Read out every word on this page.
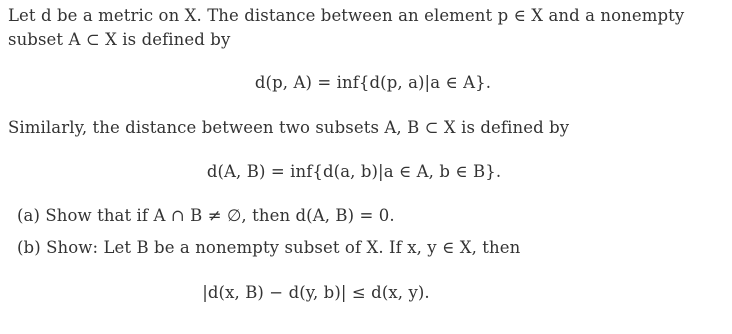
Let d be a metric on X. The distance between an element p ∈ X and a nonempty
subset A ⊂ X is defined by
d(p, A) = inf{d(p, a)|a ∈ A}.
Similarly, the distance between two subsets A, B ⊂ X is defined by
d(A, B) = inf{d(a, b)|a ∈ A, b ∈ B}.
(a) Show that if A ∩ B ≠ ∅, then d(A, B) = 0.
(b) Show: Let B be a nonempty subset of X. If x, y ∈ X, then
|d(x, B) − d(y, b)| ≤ d(x, y).
